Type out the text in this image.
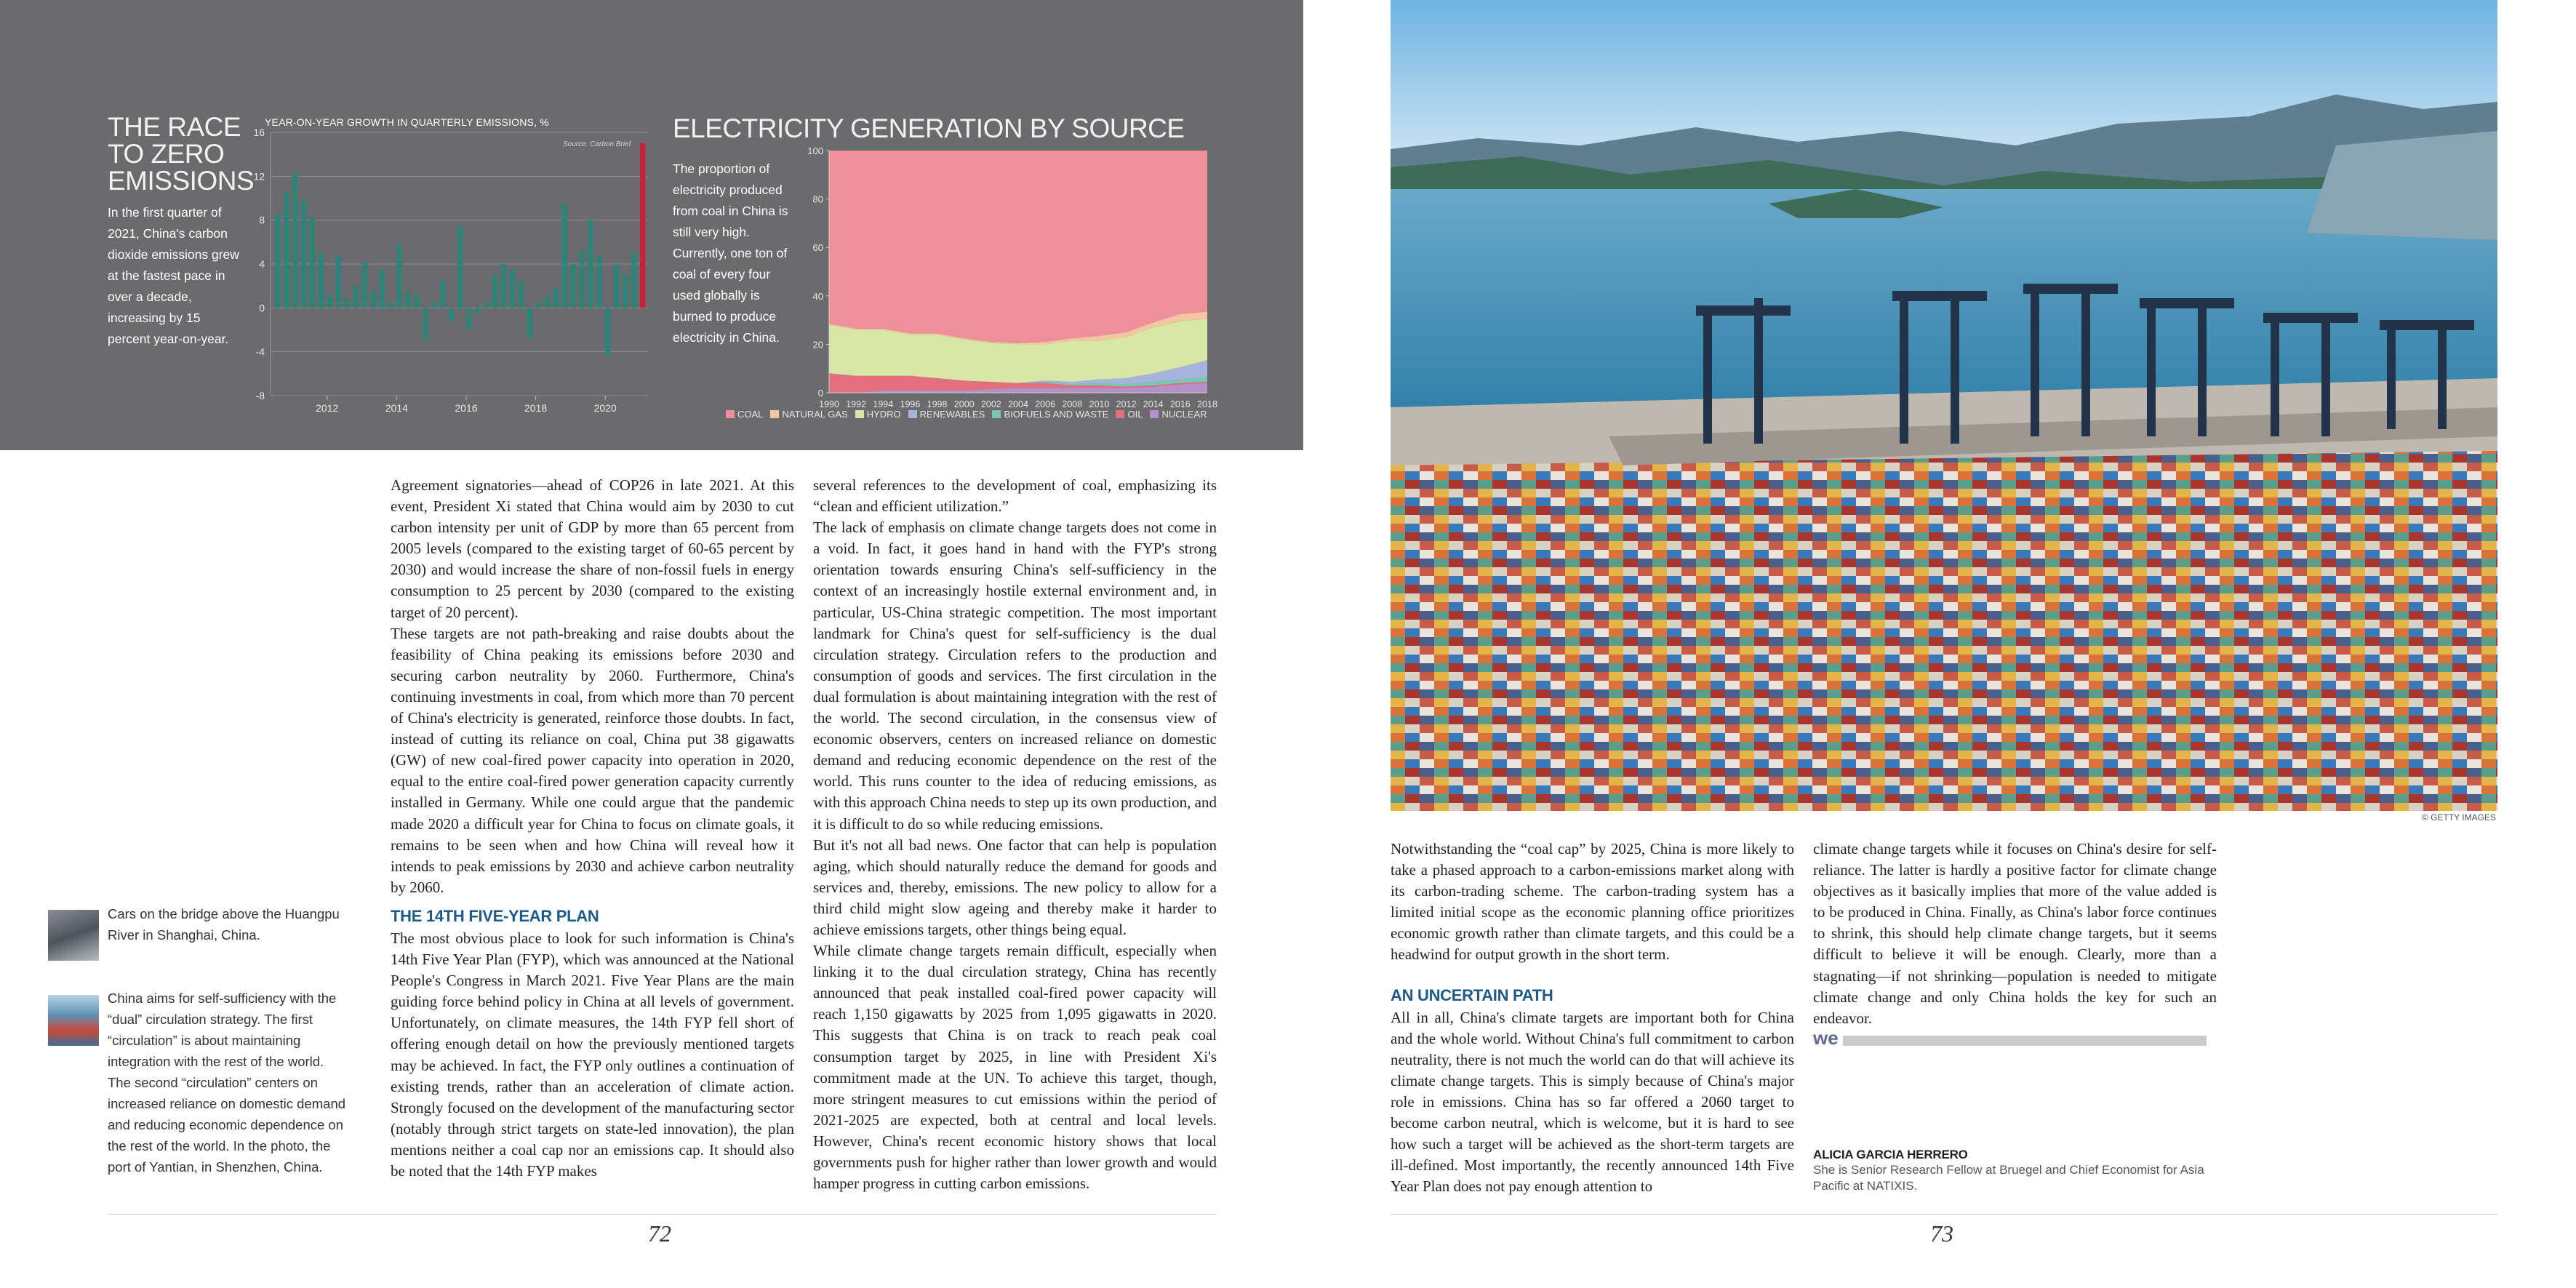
THE RACE
TO ZERO
EMISSIONS
In the first quarter of 2021, China's carbon dioxide emissions grew at the fastest pace in over a decade, increasing by 15 percent year-on-year.
YEAR-ON-YEAR GROWTH IN QUARTERLY EMISSIONS, %
Source: Carbon Brief
16
12
8
4
0
-4
-8
2012	2014	2016	2018	2020
ELECTRICITY GENERATION BY SOURCE
The proportion of electricity produced from coal in China is still very high. Currently, one ton of coal of every four used globally is burned to produce electricity in China.
100
80
60
40
20
0
1990 1992 1994 1996 1998 2000 2002 2004 2006 2008 2010 2012 2014 2016 2018
COAL	NATURAL GAS	HYDRO	RENEWABLES	BIOFUELS AND WASTE	OIL	NUCLEAR
Cars on the bridge above the Huangpu River in Shanghai, China.
China aims for self-sufficiency with the “dual” circulation strategy. The first “circulation” is about maintaining integration with the rest of the world. The second “circulation” centers on increased reliance on domestic demand and reducing economic dependence on the rest of the world. In the photo, the port of Yantian, in Shenzhen, China.

Agreement signatories—ahead of COP26 in late 2021. At this event, President Xi stated that China would aim by 2030 to cut carbon intensity per unit of GDP by more than 65 percent from 2005 levels (compared to the existing target of 60-65 percent by 2030) and would increase the share of non-fossil fuels in energy consumption to 25 percent by 2030 (compared to the existing target of 20 percent).

These targets are not path-breaking and raise doubts about the feasibility of China peaking its emissions before 2030 and securing carbon neutrality by 2060. Furthermore, China's continuing investments in coal, from which more than 70 percent of China's electricity is generated, reinforce those doubts. In fact, instead of cutting its reliance on coal, China put 38 gigawatts (GW) of new coal-fired power capacity into operation in 2020, equal to the entire coal-fired power generation capacity currently installed in Germany. While one could argue that the pandemic made 2020 a difficult year for China to focus on climate goals, it remains to be seen when and how China will reveal how it intends to peak emissions by 2030 and achieve carbon neutrality by 2060.

THE 14TH FIVE-YEAR PLAN

The most obvious place to look for such information is China's 14th Five Year Plan (FYP), which was announced at the National People's Congress in March 2021. Five Year Plans are the main guiding force behind policy in China at all levels of government. Unfortunately, on climate measures, the 14th FYP fell short of offering enough detail on how the previously mentioned targets may be achieved. In fact, the FYP only outlines a continuation of existing trends, rather than an acceleration of climate action. Strongly focused on the development of the manufacturing sector (notably through strict targets on state-led innovation), the plan mentions neither a coal cap nor an emissions cap. It should also be noted that the 14th FYP makes

several references to the development of coal, emphasizing its “clean and efficient utilization.”

The lack of emphasis on climate change targets does not come in a void. In fact, it goes hand in hand with the FYP's strong orientation towards ensuring China's self-sufficiency in the context of an increasingly hostile external environment and, in particular, US-China strategic competition. The most important landmark for China's quest for self-sufficiency is the dual circulation strategy. Circulation refers to the production and consumption of goods and services. The first circulation in the dual formulation is about maintaining integration with the rest of the world. The second circulation, in the consensus view of economic observers, centers on increased reliance on domestic demand and reducing economic dependence on the rest of the world. This runs counter to the idea of reducing emissions, as with this approach China needs to step up its own production, and it is difficult to do so while reducing emissions.

But it's not all bad news. One factor that can help is population aging, which should naturally reduce the demand for goods and services and, thereby, emissions. The new policy to allow for a third child might slow ageing and thereby make it harder to achieve emissions targets, other things being equal.

While climate change targets remain difficult, especially when linking it to the dual circulation strategy, China has recently announced that peak installed coal-fired power capacity will reach 1,150 gigawatts by 2025 from 1,095 gigawatts in 2020. This suggests that China is on track to reach peak coal consumption target by 2025, in line with President Xi's commitment made at the UN. To achieve this target, though, more stringent measures to cut emissions within the period of 2021-2025 are expected, both at central and local levels. However, China's recent economic history shows that local governments push for higher rather than lower growth and would hamper progress in cutting carbon emissions.

72
© GETTY IMAGES

Notwithstanding the “coal cap” by 2025, China is more likely to take a phased approach to a carbon-emissions market along with its carbon-trading scheme. The carbon-trading system has a limited initial scope as the economic planning office prioritizes economic growth rather than climate targets, and this could be a headwind for output growth in the short term.

AN UNCERTAIN PATH

All in all, China's climate targets are important both for China and the whole world. Without China's full commitment to carbon neutrality, there is not much the world can do that will achieve its climate change targets. This is simply because of China's major role in emissions. China has so far offered a 2060 target to become carbon neutral, which is welcome, but it is hard to see how such a target will be achieved as the short-term targets are ill-defined. Most importantly, the recently announced 14th Five Year Plan does not pay enough attention to

climate change targets while it focuses on China's desire for self-reliance. The latter is hardly a positive factor for climate change objectives as it basically implies that more of the value added is to be produced in China. Finally, as China's labor force continues to shrink, this should help climate change targets, but it seems difficult to believe it will be enough. Clearly, more than a stagnating—if not shrinking—population is needed to mitigate climate change and only China holds the key for such an endeavor.

we
ALICIA GARCIA HERRERO
She is Senior Research Fellow at Bruegel and Chief Economist for Asia Pacific at NATIXIS.
73
